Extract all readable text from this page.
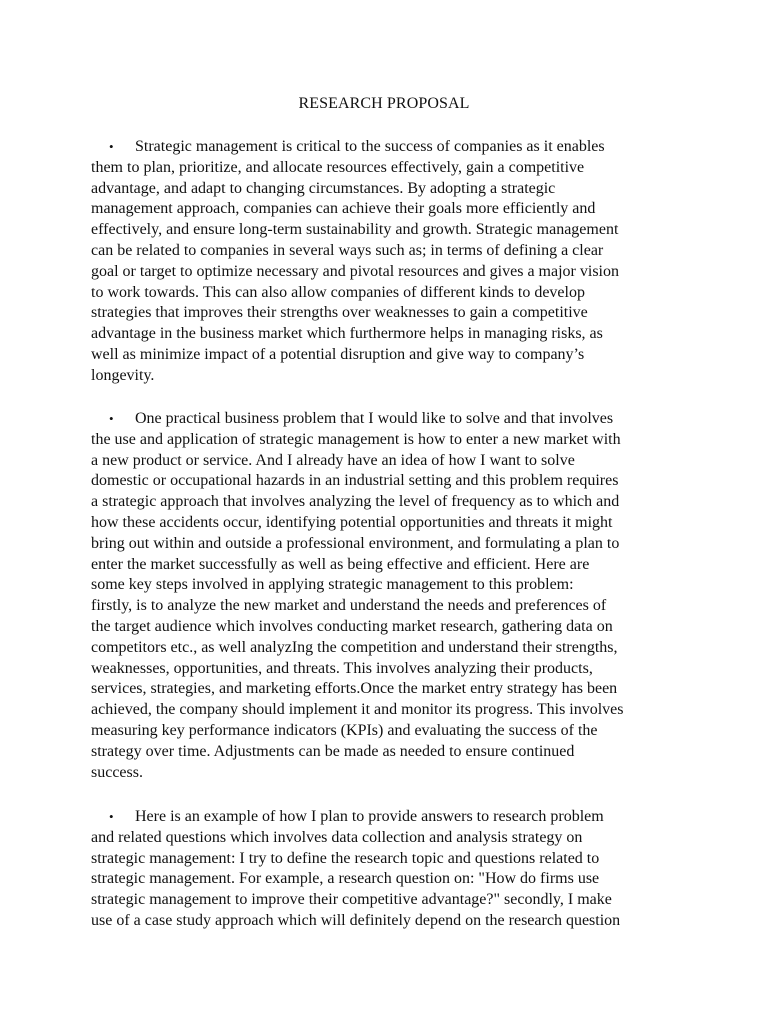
RESEARCH PROPOSAL
• Strategic management is critical to the success of companies as it enables
them to plan, prioritize, and allocate resources effectively, gain a competitive
advantage, and adapt to changing circumstances. By adopting a strategic
management approach, companies can achieve their goals more efficiently and
effectively, and ensure long-term sustainability and growth. Strategic management
can be related to companies in several ways such as; in terms of defining a clear
goal or target to optimize necessary and pivotal resources and gives a major vision
to work towards. This can also allow companies of different kinds to develop
strategies that improves their strengths over weaknesses to gain a competitive
advantage in the business market which furthermore helps in managing risks, as
well as minimize impact of a potential disruption and give way to company’s
longevity.
• One practical business problem that I would like to solve and that involves
the use and application of strategic management is how to enter a new market with
a new product or service. And I already have an idea of how I want to solve
domestic or occupational hazards in an industrial setting and this problem requires
a strategic approach that involves analyzing the level of frequency as to which and
how these accidents occur, identifying potential opportunities and threats it might
bring out within and outside a professional environment, and formulating a plan to
enter the market successfully as well as being effective and efficient. Here are
some key steps involved in applying strategic management to this problem:
firstly, is to analyze the new market and understand the needs and preferences of
the target audience which involves conducting market research, gathering data on
competitors etc., as well analyzIng the competition and understand their strengths,
weaknesses, opportunities, and threats. This involves analyzing their products,
services, strategies, and marketing efforts.Once the market entry strategy has been
achieved, the company should implement it and monitor its progress. This involves
measuring key performance indicators (KPIs) and evaluating the success of the
strategy over time. Adjustments can be made as needed to ensure continued
success.
• Here is an example of how I plan to provide answers to research problem
and related questions which involves data collection and analysis strategy on
strategic management: I try to define the research topic and questions related to
strategic management. For example, a research question on: "How do firms use
strategic management to improve their competitive advantage?" secondly, I make
use of a case study approach which will definitely depend on the research question
